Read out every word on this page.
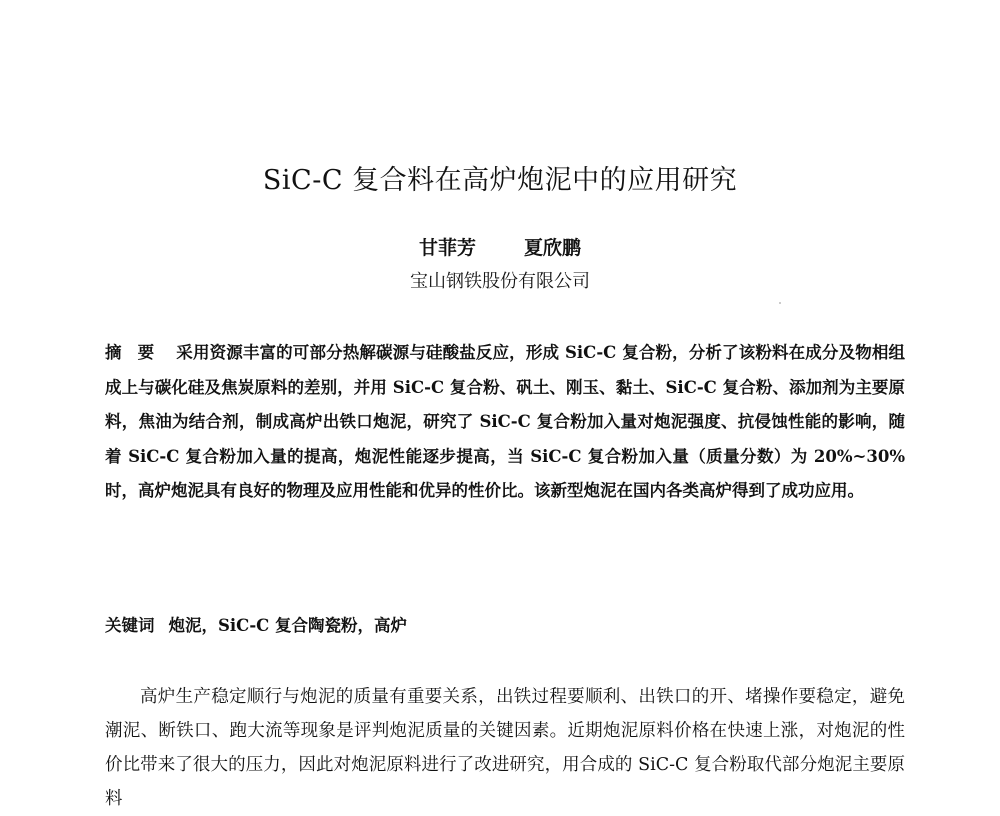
SiC-C 复合料在高炉炮泥中的应用研究
甘菲芳	夏欣鹏
宝山钢铁股份有限公司
摘要 采用资源丰富的可部分热解碳源与硅酸盐反应，形成 SiC-C 复合粉，分析了该粉料在成分及物相组成上与碳化硅及焦炭原料的差别，并用 SiC-C 复合粉、矾土、刚玉、黏土、SiC-C 复合粉、添加剂为主要原料，焦油为结合剂，制成高炉出铁口炮泥，研究了 SiC-C 复合粉加入量对炮泥强度、抗侵蚀性能的影响，随着 SiC-C 复合粉加入量的提高，炮泥性能逐步提高，当 SiC-C 复合粉加入量（质量分数）为 20%~30%时，高炉炮泥具有良好的物理及应用性能和优异的性价比。该新型炮泥在国内各类高炉得到了成功应用。
关键词 炮泥，SiC-C 复合陶瓷粉，高炉
高炉生产稳定顺行与炮泥的质量有重要关系，出铁过程要顺利、出铁口的开、堵操作要稳定，避免潮泥、断铁口、跑大流等现象是评判炮泥质量的关键因素。近期炮泥原料价格在快速上涨，对炮泥的性价比带来了很大的压力，因此对炮泥原料进行了改进研究，用合成的 SiC-C 复合粉取代部分炮泥主要原料
